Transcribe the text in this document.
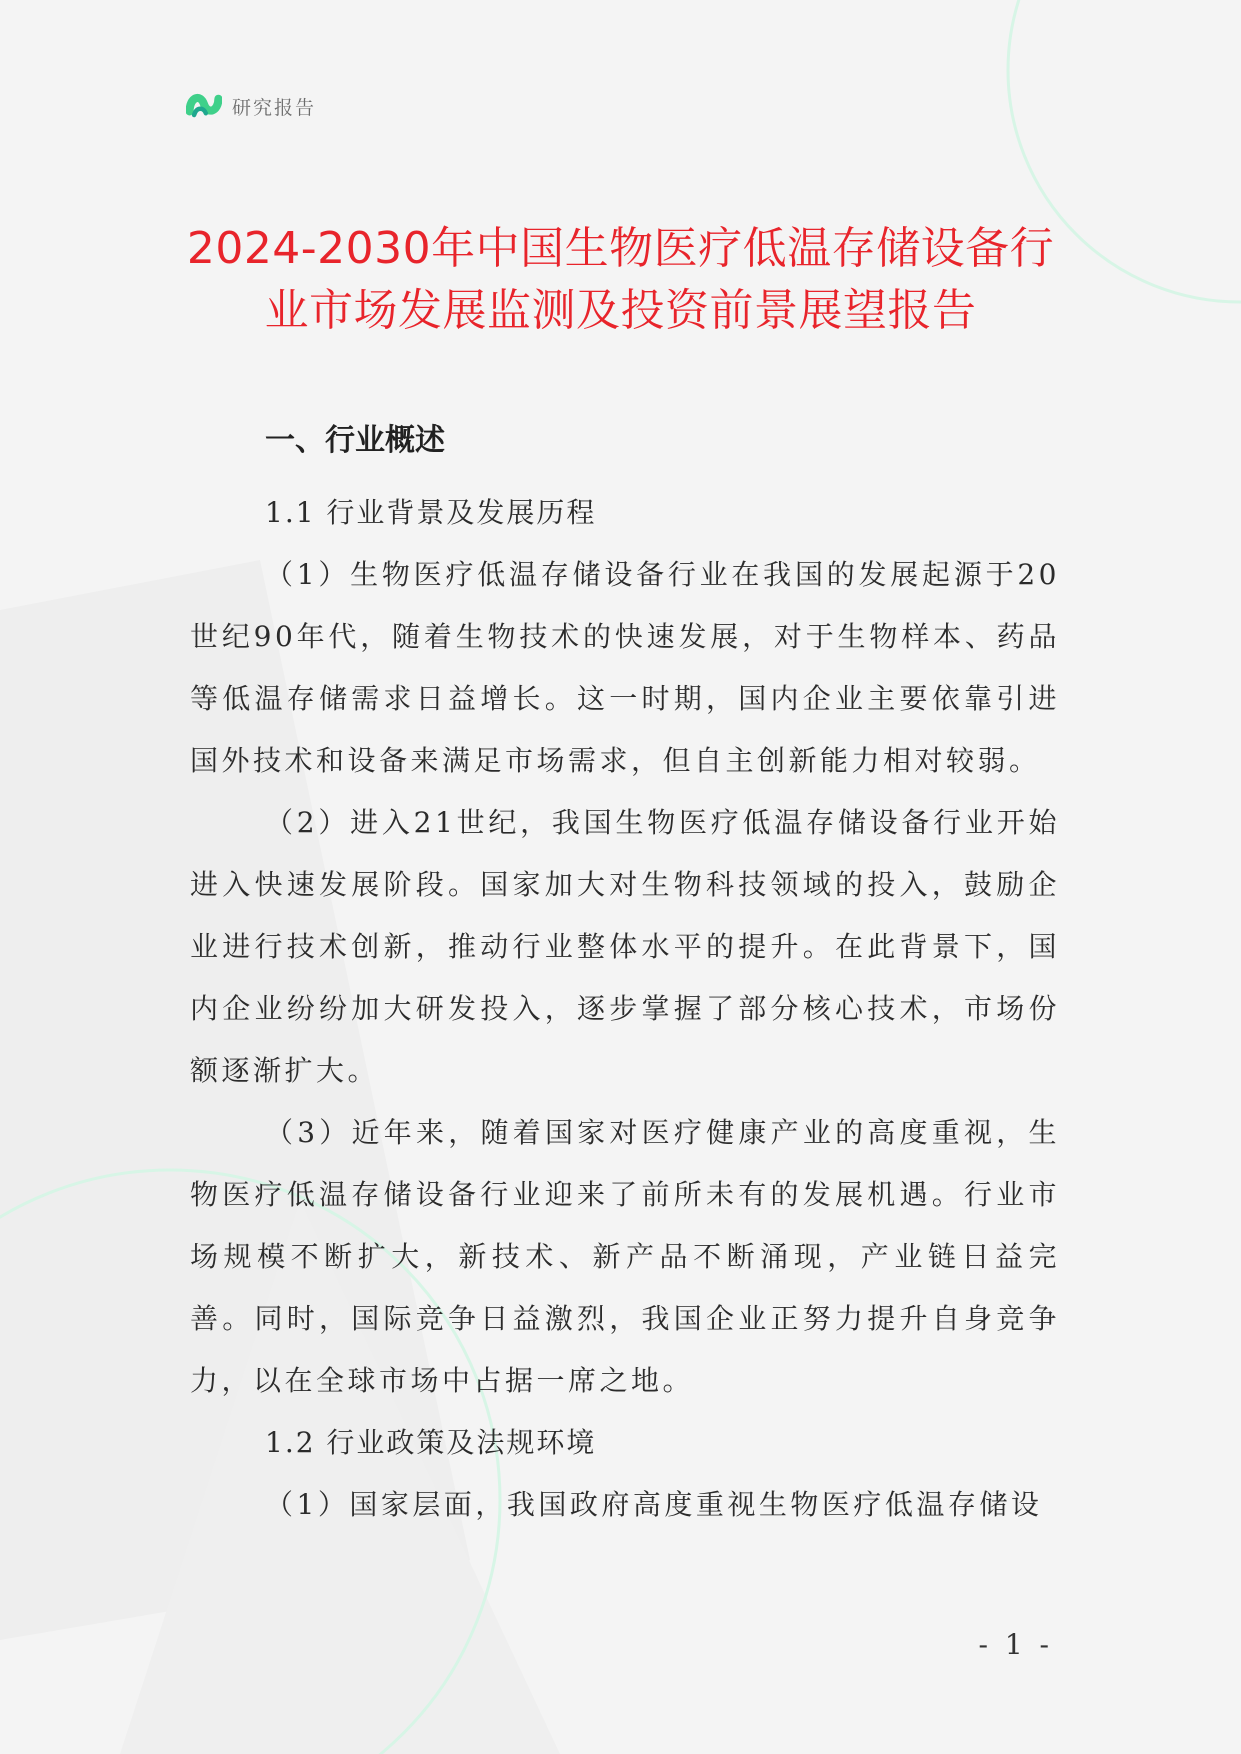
研究报告
2024-2030年中国生物医疗低温存储设备行
业市场发展监测及投资前景展望报告
一、行业概述
1.1 行业背景及发展历程

（1）生物医疗低温存储设备行业在我国的发展起源于20世纪90年代，随着生物技术的快速发展，对于生物样本、药品等低温存储需求日益增长。这一时期，国内企业主要依靠引进国外技术和设备来满足市场需求，但自主创新能力相对较弱。

（2）进入21世纪，我国生物医疗低温存储设备行业开始进入快速发展阶段。国家加大对生物科技领域的投入，鼓励企业进行技术创新，推动行业整体水平的提升。在此背景下，国内企业纷纷加大研发投入，逐步掌握了部分核心技术，市场份额逐渐扩大。

（3）近年来，随着国家对医疗健康产业的高度重视，生物医疗低温存储设备行业迎来了前所未有的发展机遇。行业市场规模不断扩大，新技术、新产品不断涌现，产业链日益完善。同时，国际竞争日益激烈，我国企业正努力提升自身竞争力，以在全球市场中占据一席之地。

1.2 行业政策及法规环境

（1）国家层面，我国政府高度重视生物医疗低温存储设

- 1 -
